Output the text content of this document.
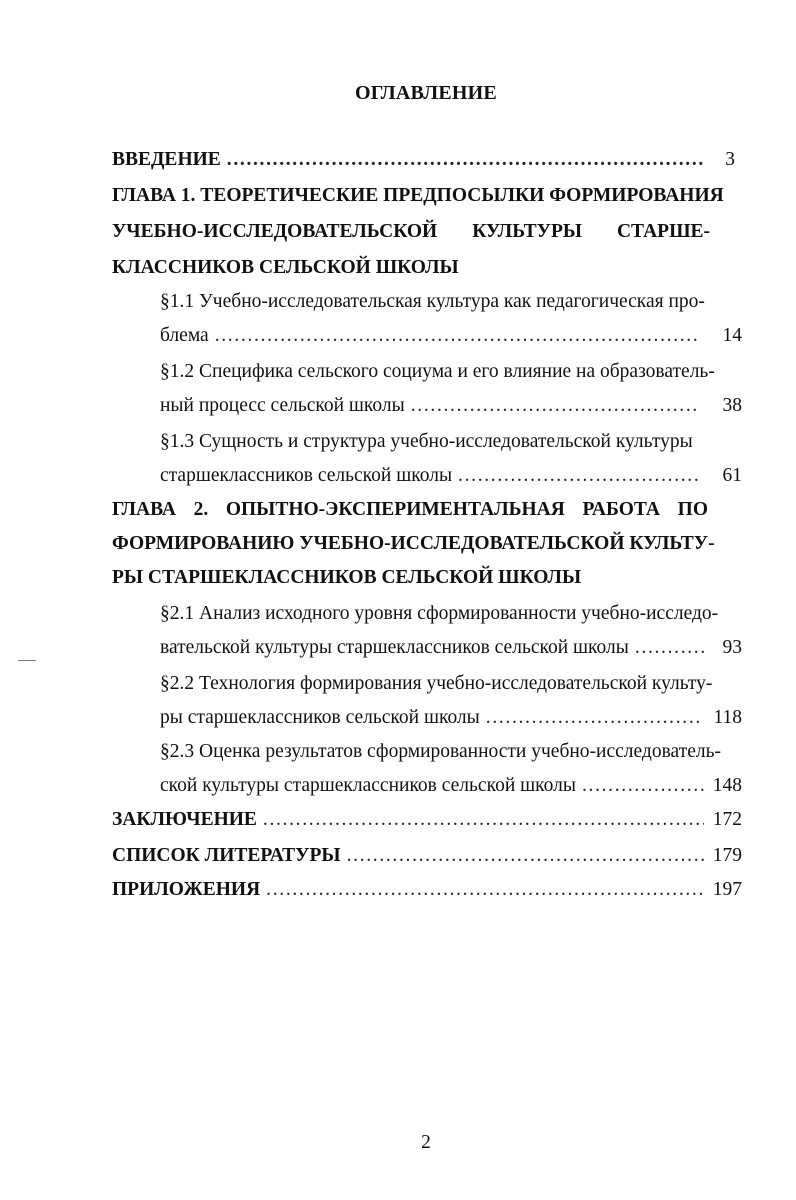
ОГЛАВЛЕНИЕ
ВВЕДЕНИЕ . . .	3
ГЛАВА 1. ТЕОРЕТИЧЕСКИЕ ПРЕДПОСЫЛКИ ФОРМИРОВАНИЯ
УЧЕБНО-ИССЛЕДОВАТЕЛЬСКОЙ КУЛЬТУРЫ СТАРШЕ-
КЛАССНИКОВ СЕЛЬСКОЙ ШКОЛЫ
§1.1 Учебно-исследовательская культура как педагогическая про-
блема . . .	14
§1.2 Специфика сельского социума и его влияние на образователь-
ный процесс сельской школы . . .	38
§1.3 Сущность и структура учебно-исследовательской культуры
старшеклассников сельской школы . . .	61
ГЛАВА 2. ОПЫТНО-ЭКСПЕРИМЕНТАЛЬНАЯ РАБОТА ПО
ФОРМИРОВАНИЮ УЧЕБНО-ИССЛЕДОВАТЕЛЬСКОЙ КУЛЬТУ-
РЫ СТАРШЕКЛАССНИКОВ СЕЛЬСКОЙ ШКОЛЫ
§2.1 Анализ исходного уровня сформированности учебно-исследо-
вательской культуры старшеклассников сельской школы . . .	93
§2.2 Технология формирования учебно-исследовательской культу-
ры старшеклассников сельской школы . . .	118
§2.3 Оценка результатов сформированности учебно-исследователь-
ской культуры старшеклассников сельской школы . . .	148
ЗАКЛЮЧЕНИЕ . . .	172
СПИСОК ЛИТЕРАТУРЫ . . .	179
ПРИЛОЖЕНИЯ . . .	197
2
